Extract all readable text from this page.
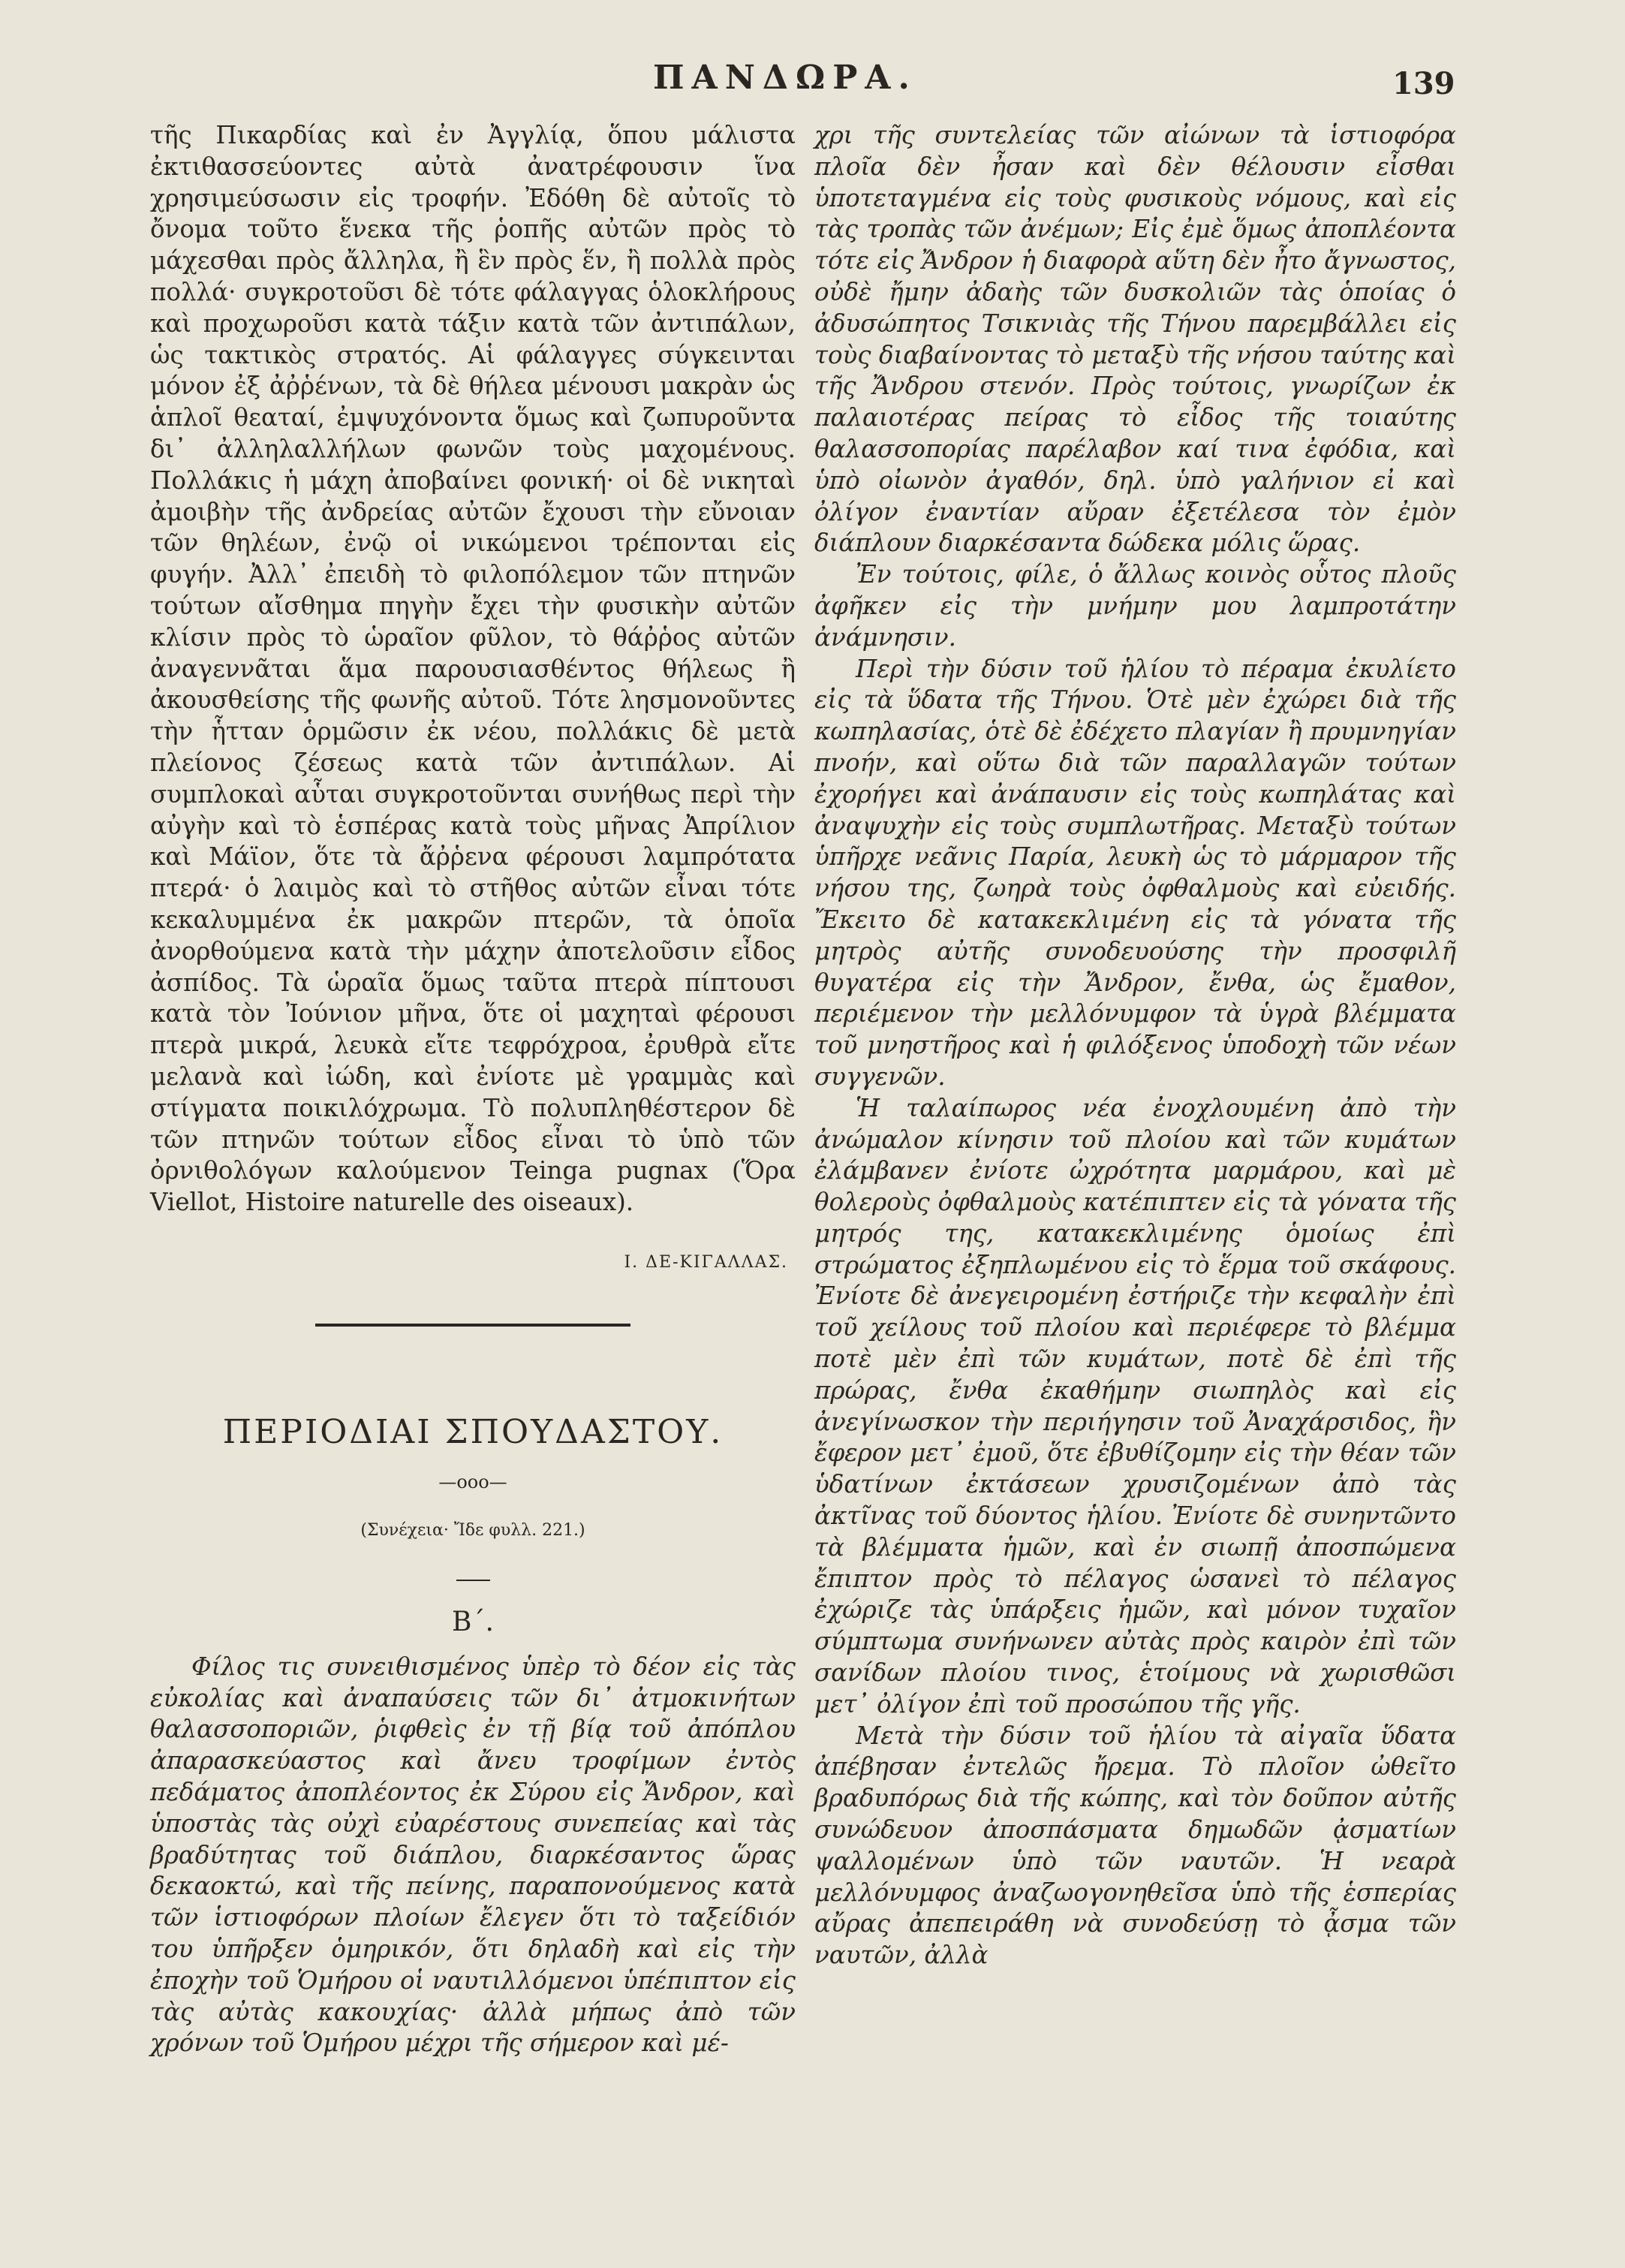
ΠΑΝΔΩΡΑ.	139

τῆς Πικαρδίας καὶ ἐν Ἀγγλίᾳ, ὅπου μάλιστα ἐκτιθασσεύοντες αὐτὰ ἀνατρέφουσιν ἵνα χρησιμεύσωσιν εἰς τροφήν. Ἐδόθη δὲ αὐτοῖς τὸ ὄνομα τοῦτο ἕνεκα τῆς ῥοπῆς αὐτῶν πρὸς τὸ μάχεσθαι πρὸς ἄλληλα, ἢ ἓν πρὸς ἕν, ἢ πολλὰ πρὸς πολλά· συγκροτοῦσι δὲ τότε φάλαγγας ὁλοκλήρους καὶ προχωροῦσι κατὰ τάξιν κατὰ τῶν ἀντιπάλων, ὡς τακτικὸς στρατός. Αἱ φάλαγγες σύγκεινται μόνον ἐξ ἀῤῥένων, τὰ δὲ θήλεα μένουσι μακρὰν ὡς ἁπλοῖ θεαταί, ἐμψυχόνοντα ὅμως καὶ ζωπυροῦντα δι᾽ ἀλληλαλλήλων φωνῶν τοὺς μαχομένους. Πολλάκις ἡ μάχη ἀποβαίνει φονική· οἱ δὲ νικηταὶ ἀμοιβὴν τῆς ἀνδρείας αὐτῶν ἔχουσι τὴν εὔνοιαν τῶν θηλέων, ἐνῷ οἱ νικώμενοι τρέπονται εἰς φυγήν. Ἀλλ᾽ ἐπειδὴ τὸ φιλοπόλεμον τῶν πτηνῶν τούτων αἴσθημα πηγὴν ἔχει τὴν φυσικὴν αὐτῶν κλίσιν πρὸς τὸ ὡραῖον φῦλον, τὸ θάῤῥος αὐτῶν ἀναγεννᾶται ἅμα παρουσιασθέντος θήλεως ἢ ἀκουσθείσης τῆς φωνῆς αὐτοῦ. Τότε λησμονοῦντες τὴν ἧτταν ὁρμῶσιν ἐκ νέου, πολλάκις δὲ μετὰ πλείονος ζέσεως κατὰ τῶν ἀντιπάλων. Αἱ συμπλοκαὶ αὗται συγκροτοῦνται συνήθως περὶ τὴν αὐγὴν καὶ τὸ ἑσπέρας κατὰ τοὺς μῆνας Ἀπρίλιον καὶ Μάϊον, ὅτε τὰ ἄῤῥενα φέρουσι λαμπρότατα πτερά· ὁ λαιμὸς καὶ τὸ στῆθος αὐτῶν εἶναι τότε κεκαλυμμένα ἐκ μακρῶν πτερῶν, τὰ ὁποῖα ἀνορθούμενα κατὰ τὴν μάχην ἀποτελοῦσιν εἶδος ἀσπίδος. Τὰ ὡραῖα ὅμως ταῦτα πτερὰ πίπτουσι κατὰ τὸν Ἰούνιον μῆνα, ὅτε οἱ μαχηταὶ φέρουσι πτερὰ μικρά, λευκὰ εἴτε τεφρόχροα, ἐρυθρὰ εἴτε μελανὰ καὶ ἰώδη, καὶ ἐνίοτε μὲ γραμμὰς καὶ στίγματα ποικιλόχρωμα. Τὸ πολυπληθέστερον δὲ τῶν πτηνῶν τούτων εἶδος εἶναι τὸ ὑπὸ τῶν ὀρνιθολόγων καλούμενον Teinga pugnax (Ὅρα Viellot, Histoire naturelle des oiseaux).

Ι. ΔΕ-ΚΙΓΑΛΛΑΣ.
ΠΕΡΙΟΔΙΑΙ ΣΠΟΥΔΑΣΤΟΥ.
—οοο—
(Συνέχεια· Ἴδε φυλλ. 221.)
Β΄.

Φίλος τις συνειθισμένος ὑπὲρ τὸ δέον εἰς τὰς εὐκολίας καὶ ἀναπαύσεις τῶν δι᾽ ἀτμοκινήτων θαλασσοποριῶν, ῥιφθεὶς ἐν τῇ βίᾳ τοῦ ἀπόπλου ἀπαρασκεύαστος καὶ ἄνευ τροφίμων ἐντὸς πεδάματος ἀποπλέοντος ἐκ Σύρου εἰς Ἄνδρον, καὶ ὑποστὰς τὰς οὐχὶ εὐαρέστους συνεπείας καὶ τὰς βραδύτητας τοῦ διάπλου, διαρκέσαντος ὥρας δεκαοκτώ, καὶ τῆς πείνης, παραπονούμενος κατὰ τῶν ἱστιοφόρων πλοίων ἔλεγεν ὅτι τὸ ταξείδιόν του ὑπῆρξεν ὁμηρικόν, ὅτι δηλαδὴ καὶ εἰς τὴν ἐποχὴν τοῦ Ὁμήρου οἱ ναυτιλλόμενοι ὑπέπιπτον εἰς τὰς αὐτὰς κακουχίας· ἀλλὰ μήπως ἀπὸ τῶν χρόνων τοῦ Ὁμήρου μέχρι τῆς σήμερον καὶ μέ-

χρι τῆς συντελείας τῶν αἰώνων τὰ ἱστιοφόρα πλοῖα δὲν ἦσαν καὶ δὲν θέλουσιν εἶσθαι ὑποτεταγμένα εἰς τοὺς φυσικοὺς νόμους, καὶ εἰς τὰς τροπὰς τῶν ἀνέμων; Εἰς ἐμὲ ὅμως ἀποπλέοντα τότε εἰς Ἄνδρον ἡ διαφορὰ αὕτη δὲν ἦτο ἄγνωστος, οὐδὲ ἤμην ἀδαὴς τῶν δυσκολιῶν τὰς ὁποίας ὁ ἀδυσώπητος Τσικνιὰς τῆς Τήνου παρεμβάλλει εἰς τοὺς διαβαίνοντας τὸ μεταξὺ τῆς νήσου ταύτης καὶ τῆς Ἄνδρου στενόν. Πρὸς τούτοις, γνωρίζων ἐκ παλαιοτέρας πείρας τὸ εἶδος τῆς τοιαύτης θαλασσοπορίας παρέλαβον καί τινα ἐφόδια, καὶ ὑπὸ οἰωνὸν ἀγαθόν, δηλ. ὑπὸ γαλήνιον εἰ καὶ ὀλίγον ἐναντίαν αὔραν ἐξετέλεσα τὸν ἐμὸν διάπλουν διαρκέσαντα δώδεκα μόλις ὥρας.

Ἐν τούτοις, φίλε, ὁ ἄλλως κοινὸς οὗτος πλοῦς ἀφῆκεν εἰς τὴν μνήμην μου λαμπροτάτην ἀνάμνησιν.

Περὶ τὴν δύσιν τοῦ ἡλίου τὸ πέραμα ἐκυλίετο εἰς τὰ ὕδατα τῆς Τήνου. Ὁτὲ μὲν ἐχώρει διὰ τῆς κωπηλασίας, ὁτὲ δὲ ἐδέχετο πλαγίαν ἢ πρυμνηγίαν πνοήν, καὶ οὕτω διὰ τῶν παραλλαγῶν τούτων ἐχορήγει καὶ ἀνάπαυσιν εἰς τοὺς κωπηλάτας καὶ ἀναψυχὴν εἰς τοὺς συμπλωτῆρας. Μεταξὺ τούτων ὑπῆρχε νεᾶνις Παρία, λευκὴ ὡς τὸ μάρμαρον τῆς νήσου της, ζωηρὰ τοὺς ὀφθαλμοὺς καὶ εὐειδής. Ἔκειτο δὲ κατακεκλιμένη εἰς τὰ γόνατα τῆς μητρὸς αὐτῆς συνοδευούσης τὴν προσφιλῆ θυγατέρα εἰς τὴν Ἄνδρον, ἔνθα, ὡς ἔμαθον, περιέμενον τὴν μελλόνυμφον τὰ ὑγρὰ βλέμματα τοῦ μνηστῆρος καὶ ἡ φιλόξενος ὑποδοχὴ τῶν νέων συγγενῶν.

Ἡ ταλαίπωρος νέα ἐνοχλουμένη ἀπὸ τὴν ἀνώμαλον κίνησιν τοῦ πλοίου καὶ τῶν κυμάτων ἐλάμβανεν ἐνίοτε ὠχρότητα μαρμάρου, καὶ μὲ θολεροὺς ὀφθαλμοὺς κατέπιπτεν εἰς τὰ γόνατα τῆς μητρός της, κατακεκλιμένης ὁμοίως ἐπὶ στρώματος ἐξηπλωμένου εἰς τὸ ἕρμα τοῦ σκάφους. Ἐνίοτε δὲ ἀνεγειρομένη ἐστήριζε τὴν κεφαλὴν ἐπὶ τοῦ χείλους τοῦ πλοίου καὶ περιέφερε τὸ βλέμμα ποτὲ μὲν ἐπὶ τῶν κυμάτων, ποτὲ δὲ ἐπὶ τῆς πρώρας, ἔνθα ἐκαθήμην σιωπηλὸς καὶ εἰς ἀνεγίνωσκον τὴν περιήγησιν τοῦ Ἀναχάρσιδος, ἣν ἔφερον μετ᾽ ἐμοῦ, ὅτε ἐβυθίζομην εἰς τὴν θέαν τῶν ὑδατίνων ἐκτάσεων χρυσιζομένων ἀπὸ τὰς ἀκτῖνας τοῦ δύοντος ἡλίου. Ἐνίοτε δὲ συνηντῶντο τὰ βλέμματα ἡμῶν, καὶ ἐν σιωπῇ ἀποσπώμενα ἔπιπτον πρὸς τὸ πέλαγος ὡσανεὶ τὸ πέλαγος ἐχώριζε τὰς ὑπάρξεις ἡμῶν, καὶ μόνον τυχαῖον σύμπτωμα συνήνωνεν αὐτὰς πρὸς καιρὸν ἐπὶ τῶν σανίδων πλοίου τινος, ἑτοίμους νὰ χωρισθῶσι μετ᾽ ὀλίγον ἐπὶ τοῦ προσώπου τῆς γῆς.

Μετὰ τὴν δύσιν τοῦ ἡλίου τὰ αἰγαῖα ὕδατα ἀπέβησαν ἐντελῶς ἤρεμα. Τὸ πλοῖον ὠθεῖτο βραδυπόρως διὰ τῆς κώπης, καὶ τὸν δοῦπον αὐτῆς συνώδευον ἀποσπάσματα δημωδῶν ᾀσματίων ψαλλομένων ὑπὸ τῶν ναυτῶν. Ἡ νεαρὰ μελλόνυμφος ἀναζωογονηθεῖσα ὑπὸ τῆς ἑσπερίας αὔρας ἀπεπειράθη νὰ συνοδεύσῃ τὸ ᾆσμα τῶν ναυτῶν, ἀλλὰ
